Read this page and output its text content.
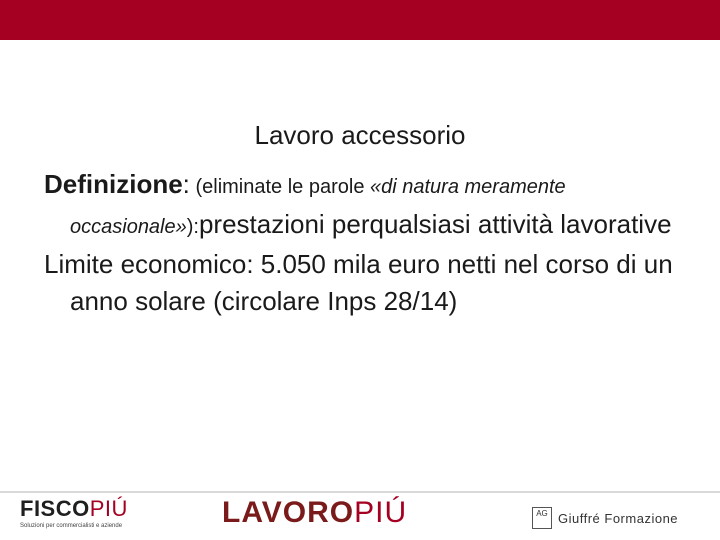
Lavoro accessorio

Definizione: (eliminate le parole «di natura meramente occasionale»):prestazioni perqualsiasi attività lavorative

Limite economico: 5.050 mila euro netti nel corso di un anno solare (circolare Inps 28/14)

FISCOPIÚ
Soluzioni per commercialisti e aziende	LAVOROPIÚ	AG Giuffré Formazione
